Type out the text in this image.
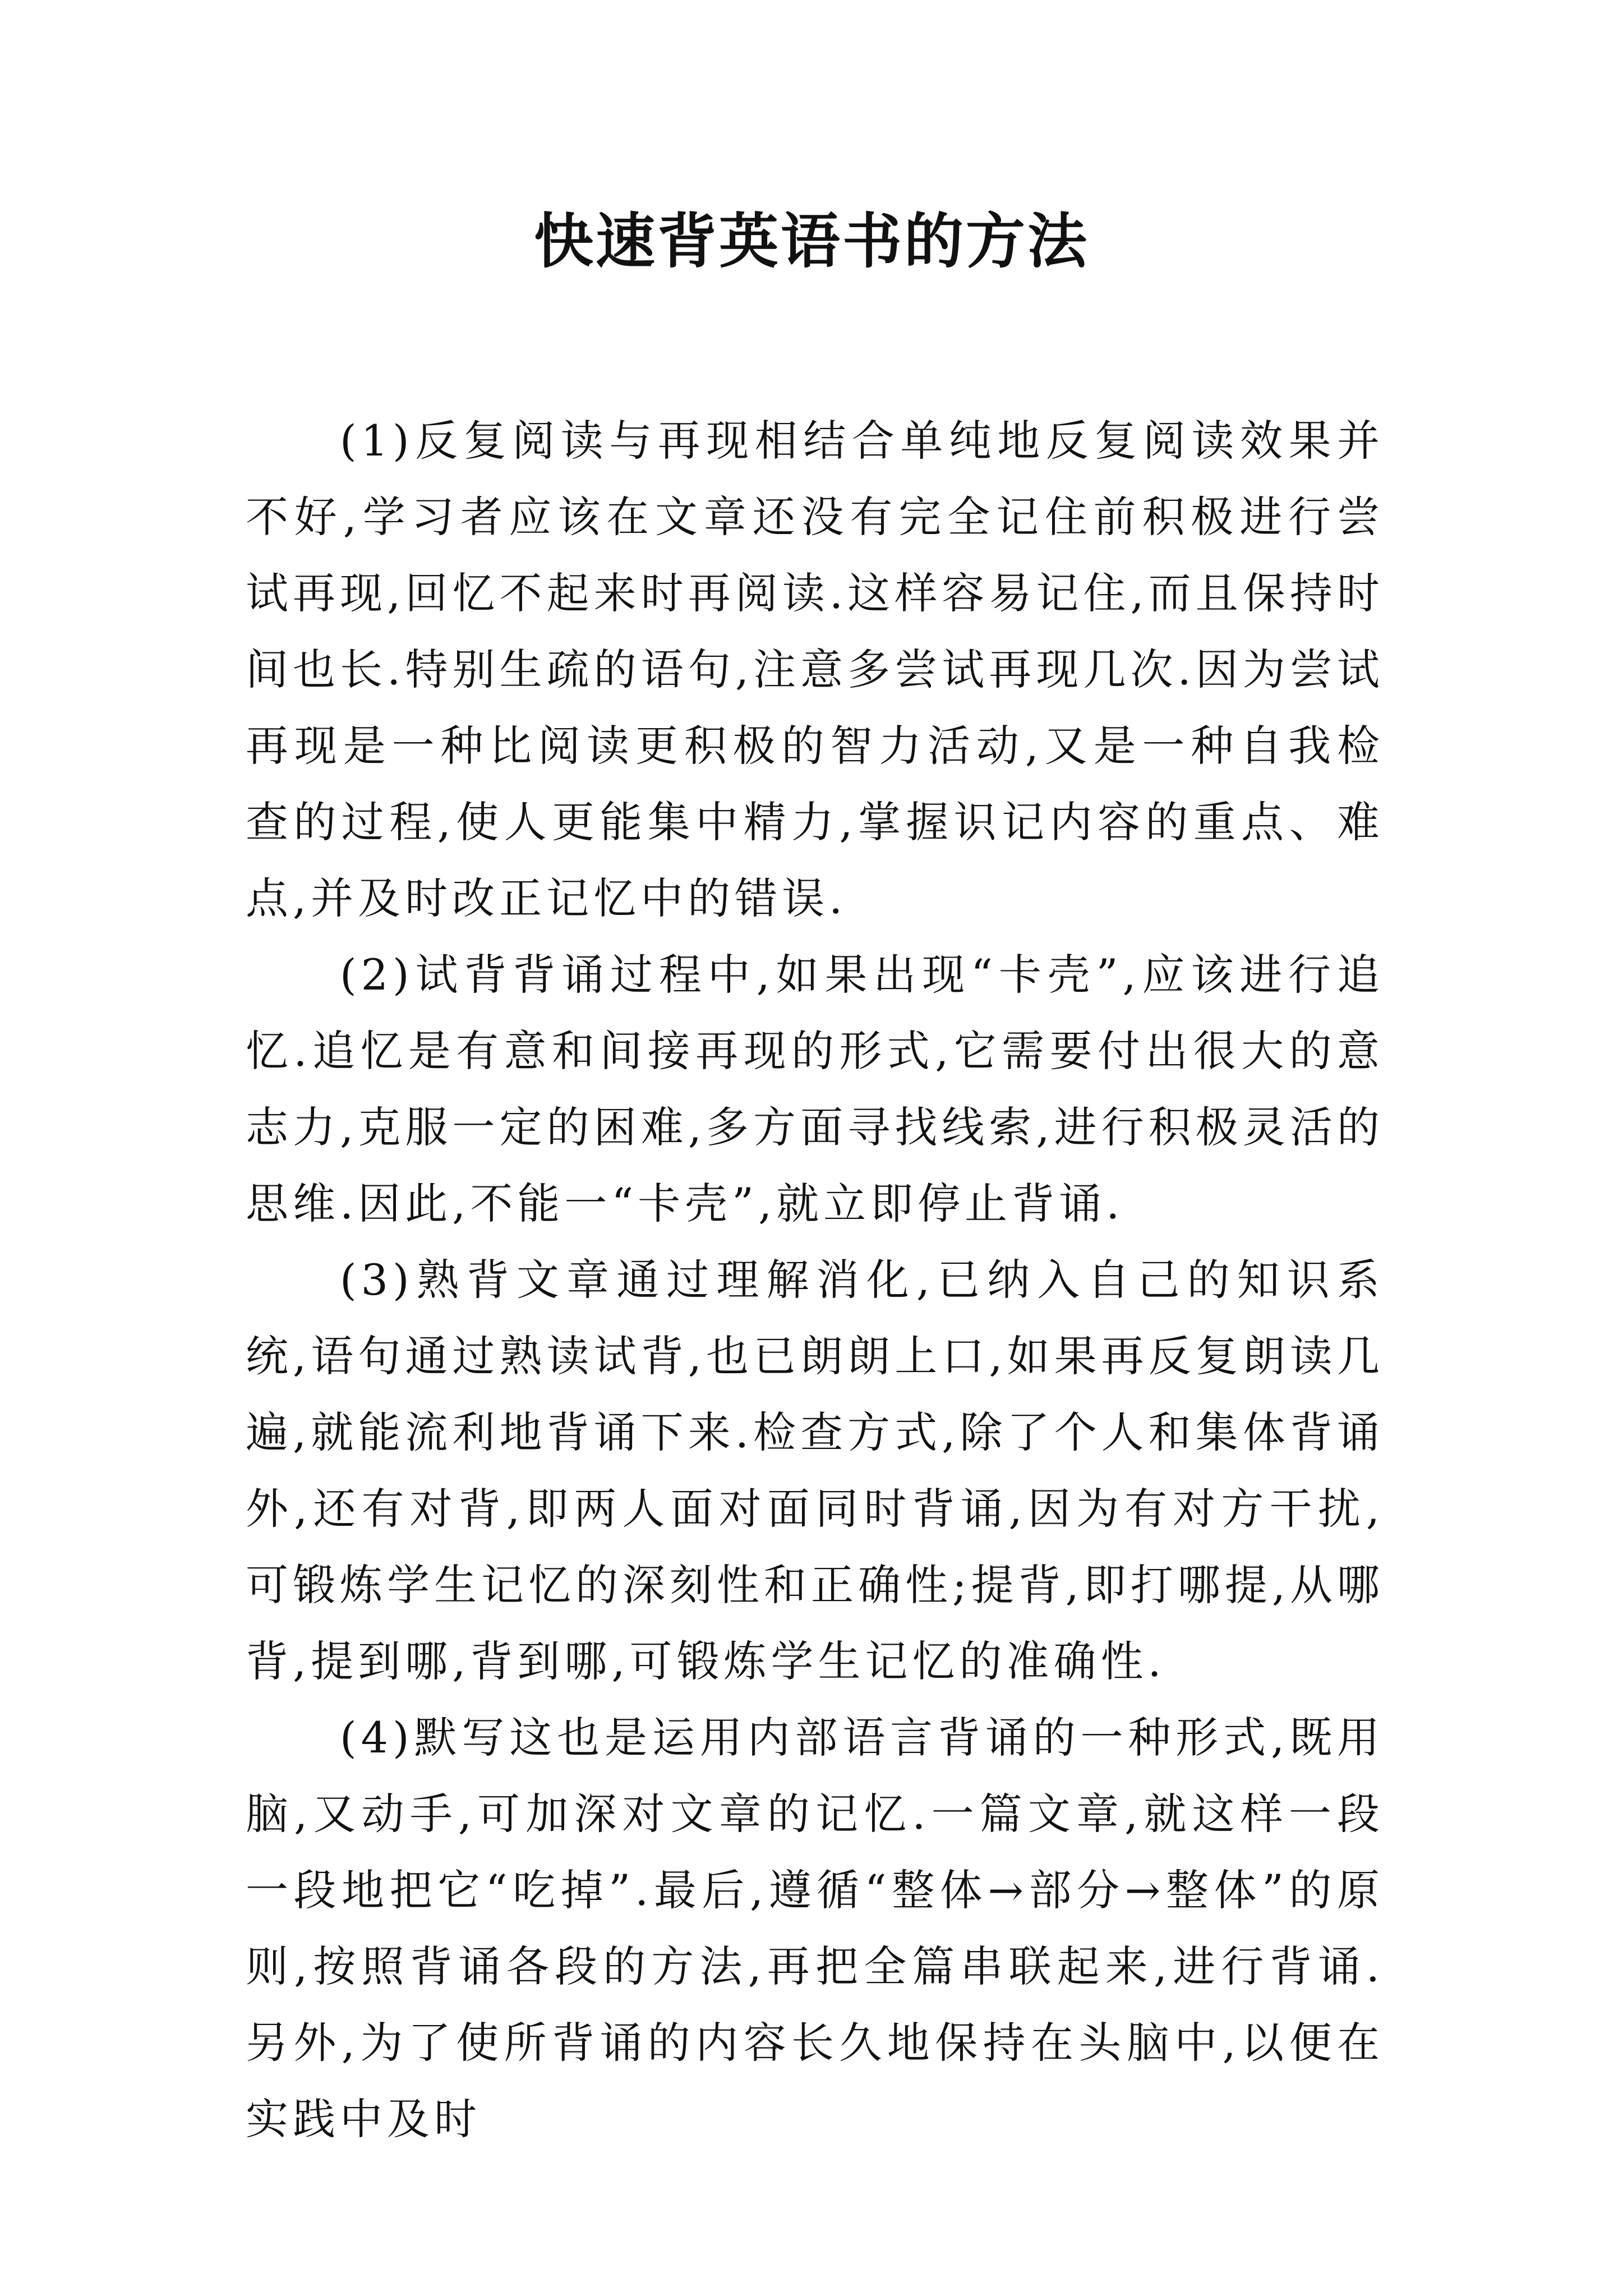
快速背英语书的方法

(1)反复阅读与再现相结合单纯地反复阅读效果并不好,学习者应该在文章还没有完全记住前积极进行尝试再现,回忆不起来时再阅读.这样容易记住,而且保持时间也长.特别生疏的语句,注意多尝试再现几次.因为尝试再现是一种比阅读更积极的智力活动,又是一种自我检查的过程,使人更能集中精力,掌握识记内容的重点、难点,并及时改正记忆中的错误.

(2)试背背诵过程中,如果出现“卡壳”,应该进行追忆.追忆是有意和间接再现的形式,它需要付出很大的意志力,克服一定的困难,多方面寻找线索,进行积极灵活的思维.因此,不能一“卡壳”,就立即停止背诵.

(3)熟背文章通过理解消化,已纳入自己的知识系统,语句通过熟读试背,也已朗朗上口,如果再反复朗读几遍,就能流利地背诵下来.检查方式,除了个人和集体背诵外,还有对背,即两人面对面同时背诵,因为有对方干扰,可锻炼学生记忆的深刻性和正确性;提背,即打哪提,从哪背,提到哪,背到哪,可锻炼学生记忆的准确性.

(4)默写这也是运用内部语言背诵的一种形式,既用脑,又动手,可加深对文章的记忆.一篇文章,就这样一段一段地把它“吃掉”.最后,遵循“整体→部分→整体”的原则,按照背诵各段的方法,再把全篇串联起来,进行背诵.另外,为了使所背诵的内容长久地保持在头脑中,以便在实践中及时
